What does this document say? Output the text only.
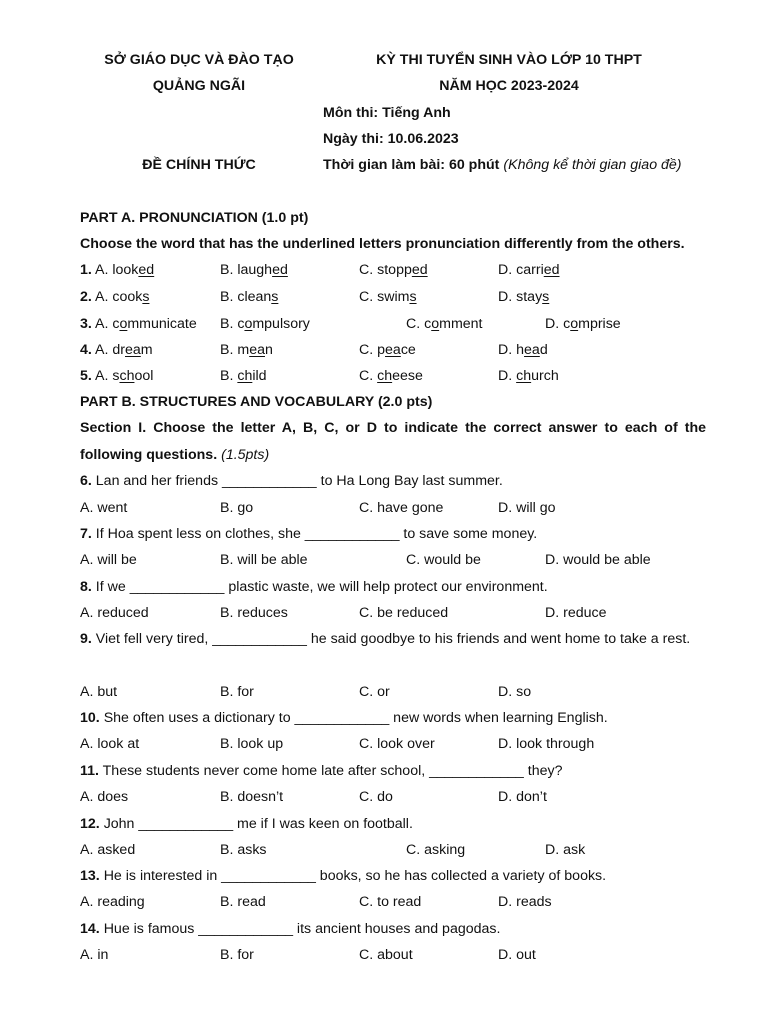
SỞ GIÁO DỤC VÀ ĐÀO TẠO
QUẢNG NGÃI
KỲ THI TUYỂN SINH VÀO LỚP 10 THPT
NĂM HỌC 2023-2024
Môn thi: Tiếng Anh
Ngày thi: 10.06.2023
ĐỀ CHÍNH THỨC	Thời gian làm bài: 60 phút (Không kể thời gian giao đề)
PART A. PRONUNCIATION (1.0 pt)
Choose the word that has the underlined letters pronunciation differently from the others.
1. A. looked	B. laughed	C. stopped	D. carried
2. A. cooks	B. cleans	C. swims	D. stays
3. A. communicate B. compulsory	C. comment	D. comprise
4. A. dream	B. mean	C. peace	D. head
5. A. school	B. child	C. cheese	D. church
PART B. STRUCTURES AND VOCABULARY (2.0 pts)
Section I. Choose the letter A, B, C, or D to indicate the correct answer to each of the following questions. (1.5pts)
6. Lan and her friends ____________ to Ha Long Bay last summer.
A. went	B. go	C. have gone	D. will go
7. If Hoa spent less on clothes, she ____________ to save some money.
A. will be	B. will be able	C. would be	D. would be able
8. If we ____________ plastic waste, we will help protect our environment.
A. reduced	B. reduces	C. be reduced	D. reduce
9. Viet fell very tired, ____________ he said goodbye to his friends and went home to take a rest.
A. but	B. for	C. or	D. so
10. She often uses a dictionary to ____________ new words when learning English.
A. look at	B. look up	C. look over	D. look through
11. These students never come home late after school, ____________ they?
A. does	B. doesn’t	C. do	D. don’t
12. John ____________ me if I was keen on football.
A. asked	B. asks	C. asking	D. ask
13. He is interested in ____________ books, so he has collected a variety of books.
A. reading	B. read	C. to read	D. reads
14. Hue is famous ____________ its ancient houses and pagodas.
A. in	B. for	C. about	D. out
